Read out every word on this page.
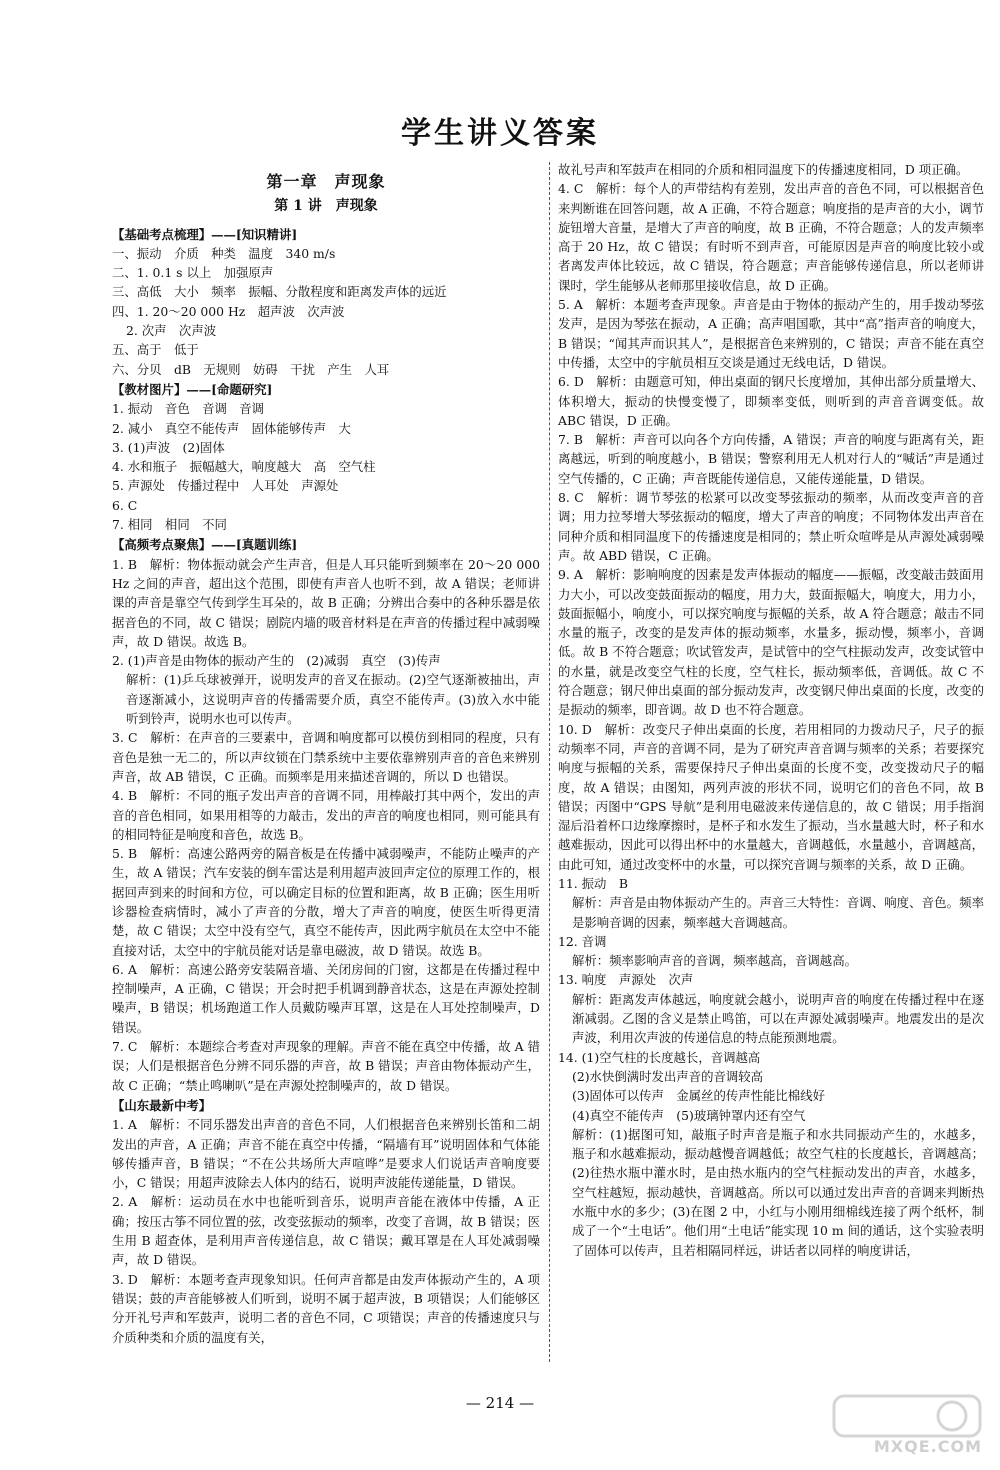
学生讲义答案
第一章　声现象
第 1 讲　声现象
【基础考点梳理】——[知识精讲]
一、振动　介质　种类　温度　340 m/s
二、1. 0.1 s 以上　加强原声
三、高低　大小　频率　振幅、分散程度和距离发声体的远近
四、1. 20～20 000 Hz　超声波　次声波
2. 次声　次声波
五、高于　低于
六、分贝　dB　无规则　妨碍　干扰　产生　人耳
【教材图片】——[命题研究]
1. 振动　音色　音调　音调
2. 减小　真空不能传声　固体能够传声　大
3. (1)声波　(2)固体
4. 水和瓶子　振幅越大，响度越大　高　空气柱
5. 声源处　传播过程中　人耳处　声源处
6. C
7. 相同　相同　不同
【高频考点聚焦】——[真题训练]
1. B　解析：物体振动就会产生声音，但是人耳只能听到频率在 20～20 000 Hz 之间的声音，超出这个范围，即使有声音人也听不到，故 A 错误；老师讲课的声音是靠空气传到学生耳朵的，故 B 正确；分辨出合奏中的各种乐器是依据音色的不同，故 C 错误；剧院内墙的吸音材料是在声音的传播过程中减弱噪声，故 D 错误。故选 B。
2. (1)声音是由物体的振动产生的　(2)减弱　真空　(3)传声
解析：(1)乒乓球被弹开，说明发声的音叉在振动。(2)空气逐渐被抽出，声音逐渐减小，这说明声音的传播需要介质，真空不能传声。(3)放入水中能听到铃声，说明水也可以传声。
3. C　解析：在声音的三要素中，音调和响度都可以模仿到相同的程度，只有音色是独一无二的，所以声纹锁在门禁系统中主要依靠辨别声音的音色来辨别声音，故 AB 错误，C 正确。而频率是用来描述音调的，所以 D 也错误。
4. B　解析：不同的瓶子发出声音的音调不同，用棒敲打其中两个，发出的声音的音色相同，如果用相等的力敲击，发出的声音的响度也相同，则可能具有的相同特征是响度和音色，故选 B。
5. B　解析：高速公路两旁的隔音板是在传播中减弱噪声，不能防止噪声的产生，故 A 错误；汽车安装的倒车雷达是利用超声波回声定位的原理工作的，根据回声到来的时间和方位，可以确定目标的位置和距离，故 B 正确；医生用听诊器检查病情时，减小了声音的分散，增大了声音的响度，使医生听得更清楚，故 C 错误；太空中没有空气，真空不能传声，因此两宇航员在太空中不能直接对话，太空中的宇航员能对话是靠电磁波，故 D 错误。故选 B。
6. A　解析：高速公路旁安装隔音墙、关闭房间的门窗，这都是在传播过程中控制噪声，A 正确，C 错误；开会时把手机调到静音状态，这是在声源处控制噪声，B 错误；机场跑道工作人员戴防噪声耳罩，这是在人耳处控制噪声，D 错误。
7. C　解析：本题综合考查对声现象的理解。声音不能在真空中传播，故 A 错误；人们是根据音色分辨不同乐器的声音，故 B 错误；声音由物体振动产生，故 C 正确；“禁止鸣喇叭”是在声源处控制噪声的，故 D 错误。
【山东最新中考】
1. A　解析：不同乐器发出声音的音色不同，人们根据音色来辨别长笛和二胡发出的声音，A 正确；声音不能在真空中传播，“隔墙有耳”说明固体和气体能够传播声音，B 错误；“不在公共场所大声喧哗”是要求人们说话声音响度要小，C 错误；用超声波除去人体内的结石，说明声波能传递能量，D 错误。
2. A　解析：运动员在水中也能听到音乐，说明声音能在液体中传播，A 正确；按压古筝不同位置的弦，改变弦振动的频率，改变了音调，故 B 错误；医生用 B 超查体，是利用声音传递信息，故 C 错误；戴耳罩是在人耳处减弱噪声，故 D 错误。
3. D　解析：本题考查声现象知识。任何声音都是由发声体振动产生的，A 项错误；鼓的声音能够被人们听到，说明不属于超声波，B 项错误；人们能够区分开礼号声和军鼓声，说明二者的音色不同，C 项错误；声音的传播速度只与介质种类和介质的温度有关，
故礼号声和军鼓声在相同的介质和相同温度下的传播速度相同，D 项正确。
4. C　解析：每个人的声带结构有差别，发出声音的音色不同，可以根据音色来判断谁在回答问题，故 A 正确，不符合题意；响度指的是声音的大小，调节旋钮增大音量，是增大了声音的响度，故 B 正确，不符合题意；人的发声频率高于 20 Hz，故 C 错误；有时听不到声音，可能原因是声音的响度比较小或者离发声体比较远，故 C 错误，符合题意；声音能够传递信息，所以老师讲课时，学生能够从老师那里接收信息，故 D 正确。
5. A　解析：本题考查声现象。声音是由于物体的振动产生的，用手拨动琴弦发声，是因为琴弦在振动，A 正确；高声唱国歌，其中“高”指声音的响度大，B 错误；“闻其声而识其人”，是根据音色来辨别的，C 错误；声音不能在真空中传播，太空中的宇航员相互交谈是通过无线电话，D 错误。
6. D　解析：由题意可知，伸出桌面的钢尺长度增加，其伸出部分质量增大、体积增大，振动的快慢变慢了，即频率变低，则听到的声音音调变低。故 ABC 错误，D 正确。
7. B　解析：声音可以向各个方向传播，A 错误；声音的响度与距离有关，距离越远，听到的响度越小，B 错误；警察利用无人机对行人的“喊话”声是通过空气传播的，C 正确；声音既能传递信息，又能传递能量，D 错误。
8. C　解析：调节琴弦的松紧可以改变琴弦振动的频率，从而改变声音的音调；用力拉琴增大琴弦振动的幅度，增大了声音的响度；不同物体发出声音在同种介质和相同温度下的传播速度是相同的；禁止听众喧哗是从声源处减弱噪声。故 ABD 错误，C 正确。
9. A　解析：影响响度的因素是发声体振动的幅度——振幅，改变敲击鼓面用力大小，可以改变鼓面振动的幅度，用力大，鼓面振幅大，响度大，用力小，鼓面振幅小，响度小，可以探究响度与振幅的关系，故 A 符合题意；敲击不同水量的瓶子，改变的是发声体的振动频率，水量多，振动慢，频率小，音调低。故 B 不符合题意；吹试管发声，是试管中的空气柱振动发声，改变试管中的水量，就是改变空气柱的长度，空气柱长，振动频率低，音调低。故 C 不符合题意；钢尺伸出桌面的部分振动发声，改变钢尺伸出桌面的长度，改变的是振动的频率，即音调。故 D 也不符合题意。
10. D　解析：改变尺子伸出桌面的长度，若用相同的力拨动尺子，尺子的振动频率不同，声音的音调不同，是为了研究声音音调与频率的关系；若要探究响度与振幅的关系，需要保持尺子伸出桌面的长度不变，改变拨动尺子的幅度，故 A 错误；由图知，两列声波的形状不同，说明它们的音色不同，故 B 错误；丙图中“GPS 导航”是利用电磁波来传递信息的，故 C 错误；用手指润湿后沿着杯口边缘摩擦时，是杯子和水发生了振动，当水量越大时，杯子和水越难振动，因此可以得出杯中的水量越大，音调越低，水量越小，音调越高，由此可知，通过改变杯中的水量，可以探究音调与频率的关系，故 D 正确。
11. 振动　B
解析：声音是由物体振动产生的。声音三大特性：音调、响度、音色。频率是影响音调的因素，频率越大音调越高。
12. 音调
解析：频率影响声音的音调，频率越高，音调越高。
13. 响度　声源处　次声
解析：距离发声体越远，响度就会越小，说明声音的响度在传播过程中在逐渐减弱。乙图的含义是禁止鸣笛，可以在声源处减弱噪声。地震发出的是次声波，利用次声波的传递信息的特点能预测地震。
14. (1)空气柱的长度越长，音调越高
(2)水快倒满时发出声音的音调较高
(3)固体可以传声　金属丝的传声性能比棉线好
(4)真空不能传声　(5)玻璃钟罩内还有空气
解析：(1)据图可知，敲瓶子时声音是瓶子和水共同振动产生的，水越多，瓶子和水越难振动，振动越慢音调越低；故空气柱的长度越长，音调越高；(2)往热水瓶中灌水时，是由热水瓶内的空气柱振动发出的声音，水越多，空气柱越短，振动越快，音调越高。所以可以通过发出声音的音调来判断热水瓶中水的多少；(3)在图 2 中，小红与小刚用细棉线连接了两个纸杯，制成了一个“土电话”。他们用“土电话”能实现 10 m 间的通话，这个实验表明了固体可以传声，且若相隔同样远，讲话者以同样的响度讲话，
— 214 —
MXQE.COM
